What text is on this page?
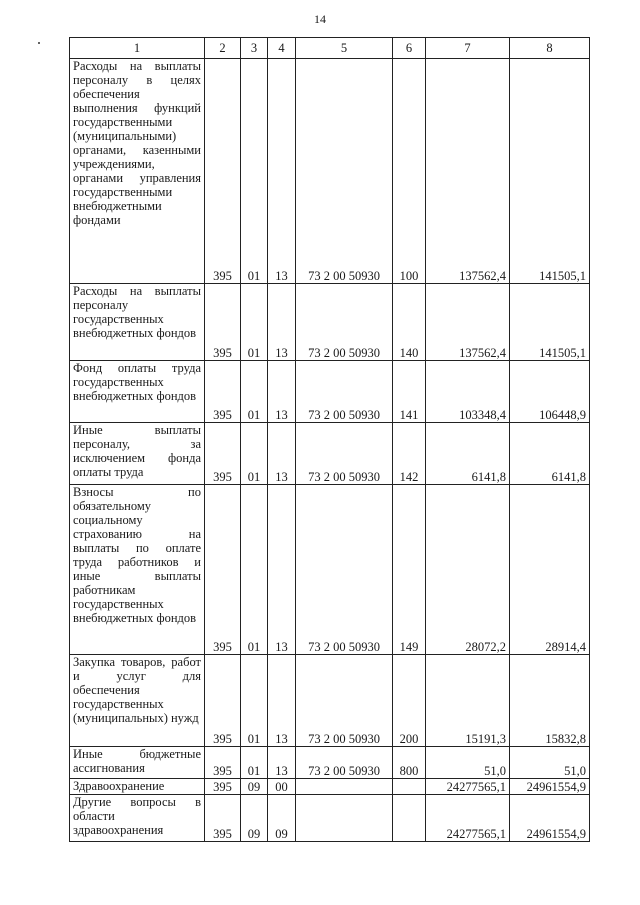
14
1	2	3	4	5	6	7	8
Расходы на выплаты персоналу в целях обеспечения выполнения функций государственными (муниципальными) органами, казенными учреждениями, органами управления государственными внебюджетными фондами	395	01	13	73 2 00 50930	100	137562,4	141505,1
Расходы на выплаты персоналу государственных внебюджетных фондов	395	01	13	73 2 00 50930	140	137562,4	141505,1
Фонд оплаты труда государственных внебюджетных фондов	395	01	13	73 2 00 50930	141	103348,4	106448,9
Иные выплаты персоналу, за исключением фонда оплаты труда	395	01	13	73 2 00 50930	142	6141,8	6141,8
Взносы по обязательному социальному страхованию на выплаты по оплате труда работников и иные выплаты работникам государственных внебюджетных фондов	395	01	13	73 2 00 50930	149	28072,2	28914,4
Закупка товаров, работ и услуг для обеспечения государственных (муниципальных) нужд	395	01	13	73 2 00 50930	200	15191,3	15832,8
Иные бюджетные ассигнования	395	01	13	73 2 00 50930	800	51,0	51,0
Здравоохранение	395	09	00			24277565,1	24961554,9
Другие вопросы в области здравоохранения	395	09	09			24277565,1	24961554,9
